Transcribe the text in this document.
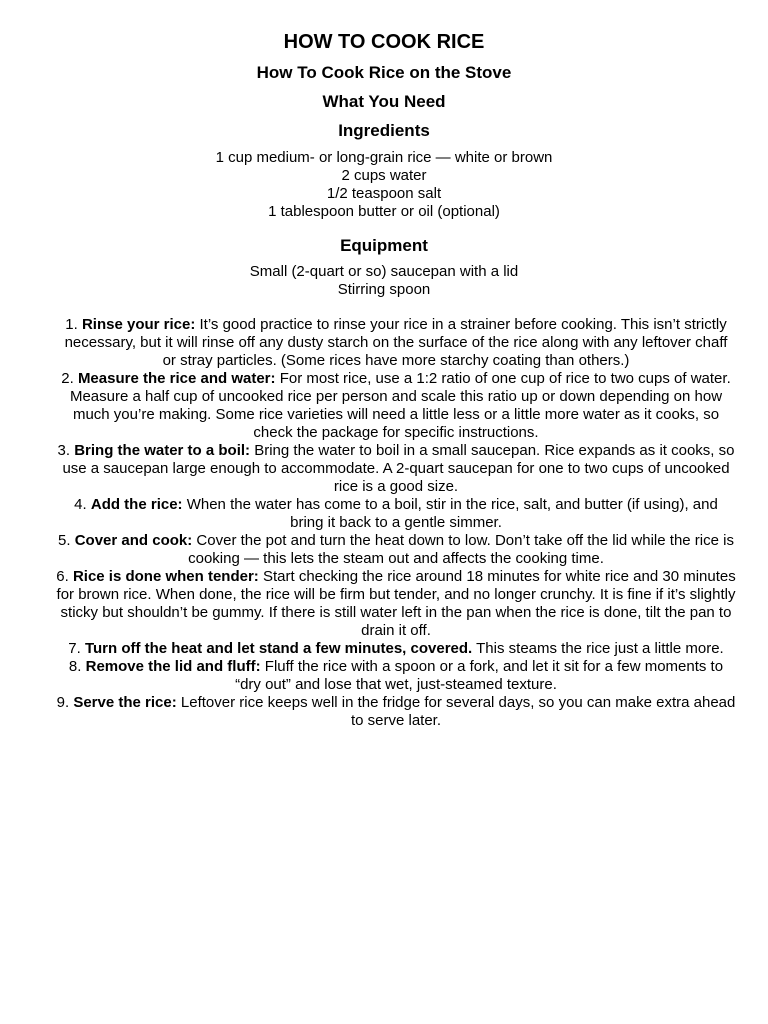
HOW TO COOK RICE
How To Cook Rice on the Stove
What You Need
Ingredients
1 cup medium- or long-grain rice — white or brown
2 cups water
1/2 teaspoon salt
1 tablespoon butter or oil (optional)
Equipment
Small (2-quart or so) saucepan with a lid
Stirring spoon
1. Rinse your rice: It’s good practice to rinse your rice in a strainer before cooking. This isn’t strictly necessary, but it will rinse off any dusty starch on the surface of the rice along with any leftover chaff or stray particles. (Some rices have more starchy coating than others.)
2. Measure the rice and water: For most rice, use a 1:2 ratio of one cup of rice to two cups of water. Measure a half cup of uncooked rice per person and scale this ratio up or down depending on how much you’re making. Some rice varieties will need a little less or a little more water as it cooks, so check the package for specific instructions.
3. Bring the water to a boil: Bring the water to boil in a small saucepan. Rice expands as it cooks, so use a saucepan large enough to accommodate. A 2-quart saucepan for one to two cups of uncooked rice is a good size.
4. Add the rice: When the water has come to a boil, stir in the rice, salt, and butter (if using), and bring it back to a gentle simmer.
5. Cover and cook: Cover the pot and turn the heat down to low. Don’t take off the lid while the rice is cooking — this lets the steam out and affects the cooking time.
6. Rice is done when tender: Start checking the rice around 18 minutes for white rice and 30 minutes for brown rice. When done, the rice will be firm but tender, and no longer crunchy. It is fine if it’s slightly sticky but shouldn’t be gummy. If there is still water left in the pan when the rice is done, tilt the pan to drain it off.
7. Turn off the heat and let stand a few minutes, covered. This steams the rice just a little more.
8. Remove the lid and fluff: Fluff the rice with a spoon or a fork, and let it sit for a few moments to “dry out” and lose that wet, just-steamed texture.
9. Serve the rice: Leftover rice keeps well in the fridge for several days, so you can make extra ahead to serve later.
